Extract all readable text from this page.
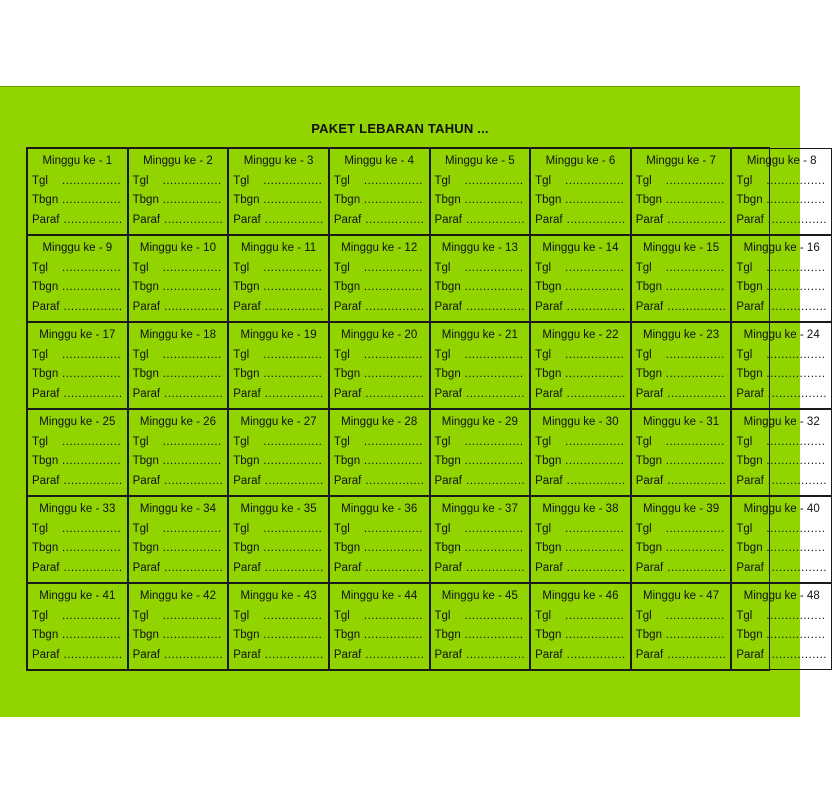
PAKET LEBARAN TAHUN ...
Minggu ke - 1
Tgl	................
Tbgn ................
Paraf ................
Minggu ke - 2
Tgl	................
Tbgn ................
Paraf ................
Minggu ke - 3
Tgl	................
Tbgn ................
Paraf ................
Minggu ke - 4
Tgl	................
Tbgn ................
Paraf ................
Minggu ke - 5
Tgl	................
Tbgn ................
Paraf ................
Minggu ke - 6
Tgl	................
Tbgn ................
Paraf ................
Minggu ke - 7
Tgl	................
Tbgn ................
Paraf ................
Minggu ke - 8
Tgl	................
Tbgn ................
Paraf ................
Minggu ke - 9
Tgl	................
Tbgn ................
Paraf ................
Minggu ke - 10
Tgl	................
Tbgn ................
Paraf ................
Minggu ke - 11
Tgl	................
Tbgn ................
Paraf ................
Minggu ke - 12
Tgl	................
Tbgn ................
Paraf ................
Minggu ke - 13
Tgl	................
Tbgn ................
Paraf ................
Minggu ke - 14
Tgl	................
Tbgn ................
Paraf ................
Minggu ke - 15
Tgl	................
Tbgn ................
Paraf ................
Minggu ke - 16
Tgl	................
Tbgn ................
Paraf ................
Minggu ke - 17
Tgl	................
Tbgn ................
Paraf ................
Minggu ke - 18
Tgl	................
Tbgn ................
Paraf ................
Minggu ke - 19
Tgl	................
Tbgn ................
Paraf ................
Minggu ke - 20
Tgl	................
Tbgn ................
Paraf ................
Minggu ke - 21
Tgl	................
Tbgn ................
Paraf ................
Minggu ke - 22
Tgl	................
Tbgn ................
Paraf ................
Minggu ke - 23
Tgl	................
Tbgn ................
Paraf ................
Minggu ke - 24
Tgl	................
Tbgn ................
Paraf ................
Minggu ke - 25
Tgl	................
Tbgn ................
Paraf ................
Minggu ke - 26
Tgl	................
Tbgn ................
Paraf ................
Minggu ke - 27
Tgl	................
Tbgn ................
Paraf ................
Minggu ke - 28
Tgl	................
Tbgn ................
Paraf ................
Minggu ke - 29
Tgl	................
Tbgn ................
Paraf ................
Minggu ke - 30
Tgl	................
Tbgn ................
Paraf ................
Minggu ke - 31
Tgl	................
Tbgn ................
Paraf ................
Minggu ke - 32
Tgl	................
Tbgn ................
Paraf ................
Minggu ke - 33
Tgl	................
Tbgn ................
Paraf ................
Minggu ke - 34
Tgl	................
Tbgn ................
Paraf ................
Minggu ke - 35
Tgl	................
Tbgn ................
Paraf ................
Minggu ke - 36
Tgl	................
Tbgn ................
Paraf ................
Minggu ke - 37
Tgl	................
Tbgn ................
Paraf ................
Minggu ke - 38
Tgl	................
Tbgn ................
Paraf ................
Minggu ke - 39
Tgl	................
Tbgn ................
Paraf ................
Minggu ke - 40
Tgl	................
Tbgn ................
Paraf ................
Minggu ke - 41
Tgl	................
Tbgn ................
Paraf ................
Minggu ke - 42
Tgl	................
Tbgn ................
Paraf ................
Minggu ke - 43
Tgl	................
Tbgn ................
Paraf ................
Minggu ke - 44
Tgl	................
Tbgn ................
Paraf ................
Minggu ke - 45
Tgl	................
Tbgn ................
Paraf ................
Minggu ke - 46
Tgl	................
Tbgn ................
Paraf ................
Minggu ke - 47
Tgl	................
Tbgn ................
Paraf ................
Minggu ke - 48
Tgl	................
Tbgn ................
Paraf ................
